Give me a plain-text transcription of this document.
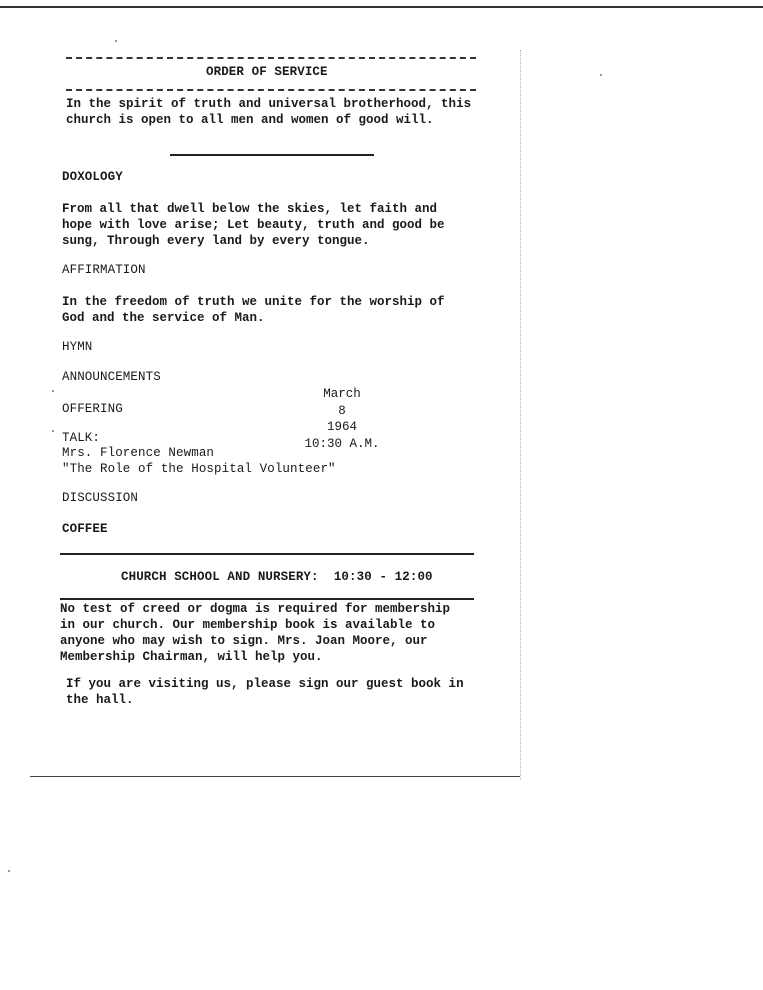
ORDER OF SERVICE
In the spirit of truth and universal brotherhood, this
church is open to all men and women of good will.
DOXOLOGY
From all that dwell below the skies, let faith and
hope with love arise; Let beauty, truth and good be
sung, Through every land by every tongue.
AFFIRMATION
In the freedom of truth we unite for the worship of
God and the service of Man.
HYMN
ANNOUNCEMENTS
OFFERING
March
8
1964
10:30 A.M.
TALK:
Mrs. Florence Newman
"The Role of the Hospital Volunteer"
DISCUSSION
COFFEE
CHURCH SCHOOL AND NURSERY:  10:30 - 12:00
No test of creed or dogma is required for membership
in our church. Our membership book is available to
anyone who may wish to sign. Mrs. Joan Moore, our
Membership Chairman, will help you.
If you are visiting us, please sign our guest book in
the hall.
